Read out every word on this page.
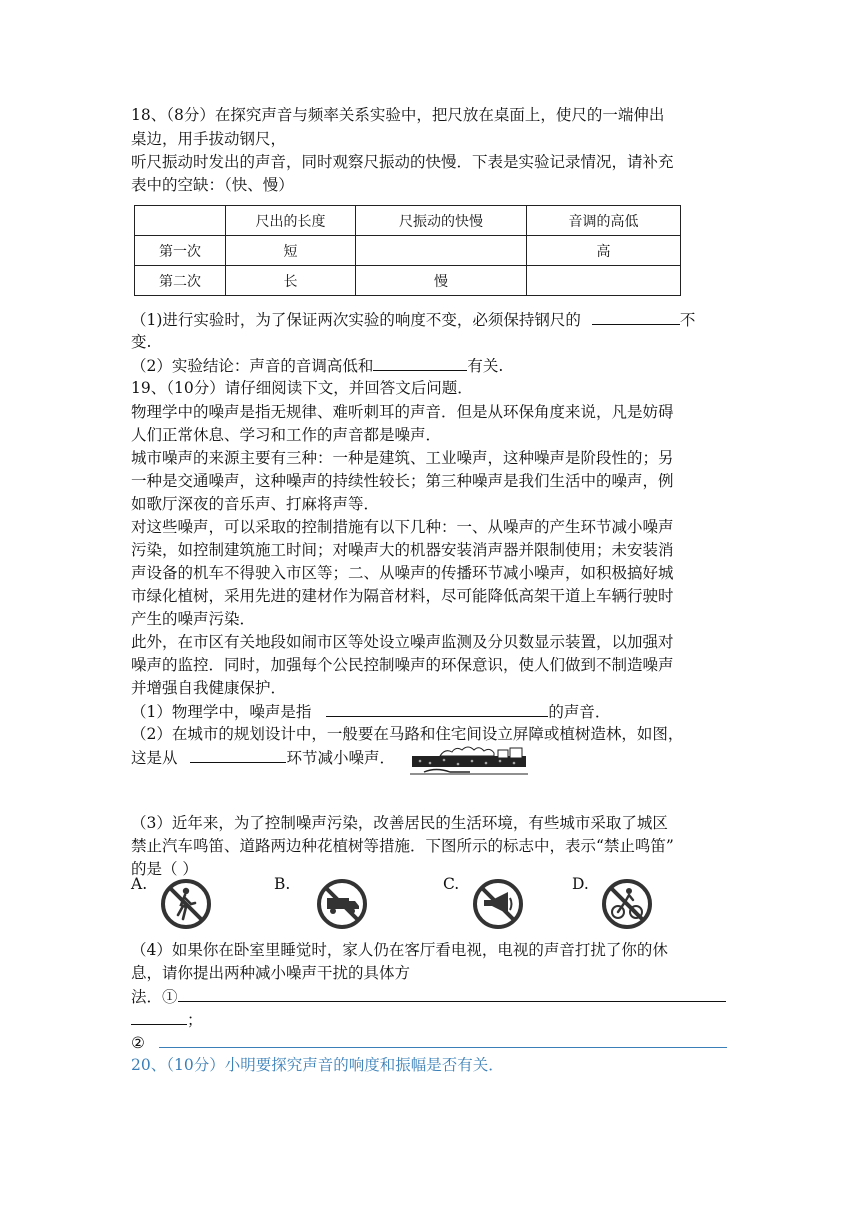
18、（8分）在探究声音与频率关系实验中，把尺放在桌面上，使尺的一端伸出
桌边，用手拔动钢尺，
听尺振动时发出的声音，同时观察尺振动的快慢．下表是实验记录情况，请补充
表中的空缺：（快、慢）
	尺出的长度	尺振动的快慢	音调的高低
第一次	短		高
第二次	长	慢	
（1)进行实验时，为了保证两次实验的响度不变，必须保持钢尺的	不
变.
（2）实验结论：声音的音调高低和	有关.
19、（10分）请仔细阅读下文，并回答文后问题．
物理学中的噪声是指无规律、难听刺耳的声音．但是从环保角度来说，凡是妨碍
人们正常休息、学习和工作的声音都是噪声．
城市噪声的来源主要有三种：一种是建筑、工业噪声，这种噪声是阶段性的；另
一种是交通噪声，这种噪声的持续性较长；第三种噪声是我们生活中的噪声，例
如歌厅深夜的音乐声、打麻将声等．
对这些噪声，可以采取的控制措施有以下几种：一、从噪声的产生环节减小噪声
污染，如控制建筑施工时间；对噪声大的机器安装消声器并限制使用；未安装消
声设备的机车不得驶入市区等；二、从噪声的传播环节减小噪声，如积极搞好城
市绿化植树，采用先进的建材作为隔音材料，尽可能降低高架干道上车辆行驶时
产生的噪声污染．
此外，在市区有关地段如闹市区等处设立噪声监测及分贝数显示装置，以加强对
噪声的监控．同时，加强每个公民控制噪声的环保意识，使人们做到不制造噪声
并增强自我健康保护．
（1）物理学中，噪声是指	的声音．
（2）在城市的规划设计中，一般要在马路和住宅间设立屏障或植树造林，如图，
这是从	环节减小噪声．
（3）近年来，为了控制噪声污染，改善居民的生活环境，有些城市采取了城区
禁止汽车鸣笛、道路两边种花植树等措施．下图所示的标志中，表示“禁止鸣笛”
的是（ ）
A.	B.	C.	D.
（4）如果你在卧室里睡觉时，家人仍在客厅看电视，电视的声音打扰了你的休
息，请你提出两种减小噪声干扰的具体方
法．①
；
②
20、（10分）小明要探究声音的响度和振幅是否有关．
